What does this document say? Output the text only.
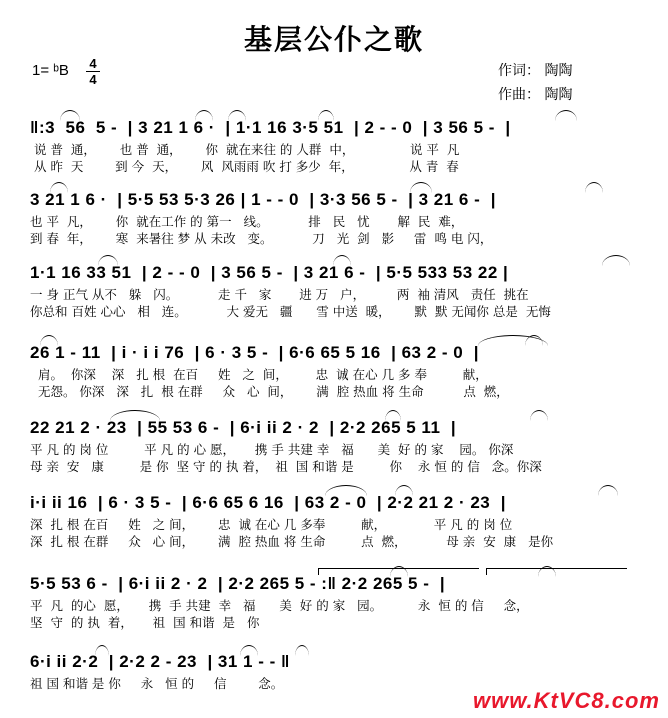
基层公仆之歌
1= ᵇB 4
4
作词： 陶陶
作曲： 陶陶
‖:3  56  5 -  | 3 21 1 6 ·  | 1·1 16 3·5 51  | 2 - - 0  | 3 56 5 -  |
说 普  通，      也 普  通，      你  就在来往 的 人群  中，              说 平  凡
从 昨  天        到 今  天，      风  风雨雨 吹 打 多少  年，              从 青  春
3 21 1 6 ·  | 5·5 53 5·3 26 | 1 - - 0  | 3·3 56 5 -  | 3 21 6 -  |
也 平  凡，      你  就在工作 的 第一   线。          排   民   忧       解  民  难，
到 春  年，      寒  来暑往 梦 从 未改   变。          刀   光  剑   影     雷  鸣 电 闪，
1·1 16 33 51  | 2 - - 0  | 3 56 5 -  | 3 21 6 -  | 5·5 533 53 22 |
一 身 正气 从不   躲   闪。          走 千   家       进 万   户，        两  袖 清风   责任  挑在
你总和 百姓 心心   相   连。          大 爱无   疆      雪 中送  暖，      默  默 无闻你 总是  无悔
26 1 - 11  | i · i i 76  | 6 · 3 5 -  | 6·6 65 5 16  | 63 2 - 0  |
肩。  你深    深   扎 根  在百     姓   之  间，       忠  诚 在心 几 多 奉         献，
无怨。 你深   深   扎  根 在群     众   心  间，      满  腔 热血 将 生命          点  燃，
22 21 2 · 23  | 55 53 6 -  | 6·i ii 2 · 2  | 2·2 265 5 11  |
平 凡 的 岗 位         平 凡 的 心 愿，     携 手 共建 幸   福      美  好 的 家    园。 你深
母 亲  安   康         是 你  坚 守 的 执 着，  祖  国 和谐 是         你    永 恒 的 信   念。你深
i·i ii 16  | 6 · 3 5 -  | 6·6 65 6 16  | 63 2 - 0  | 2·2 21 2 · 23  |
深  扎 根 在百     姓   之 间，      忠  诚 在心 几 多奉         献，            平 凡 的 岗 位
深  扎 根 在群     众   心 间，      满  腔 热血 将 生命         点  燃，          母 亲  安  康   是你
5·5 53 6 -  | 6·i ii 2 · 2  | 2·2 265 5 - :‖ 2·2 265 5 -  |
平  凡  的心  愿，     携  手 共建  幸   福      美  好 的 家   园。         永  恒 的 信     念，
坚  守  的 执  着，     祖  国 和谐  是   你
6·i ii 2·2  | 2·2 2 - 23  | 31 1 - - ‖
祖 国 和谐 是 你     永   恒 的     信        念。
www.KtVC8.com
